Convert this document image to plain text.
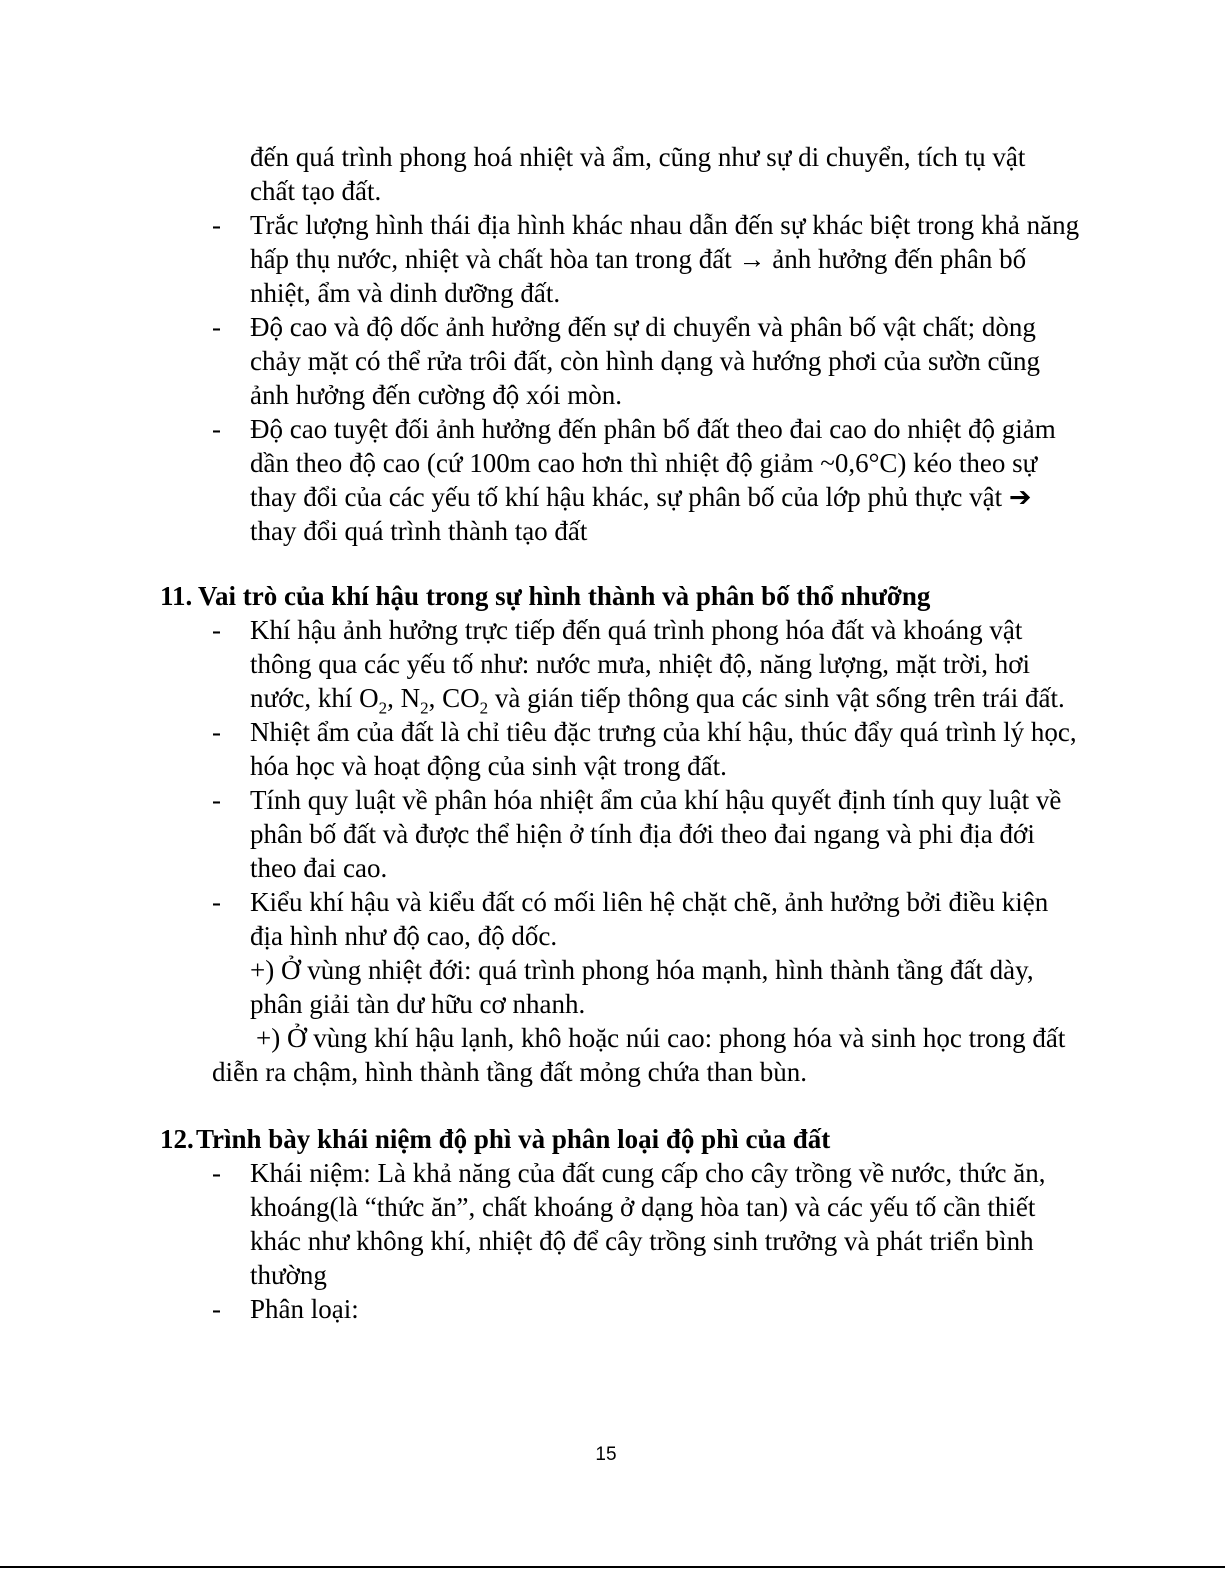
đến quá trình phong hoá nhiệt và ẩm, cũng như sự di chuyển, tích tụ vật
chất tạo đất.
- Trắc lượng hình thái địa hình khác nhau dẫn đến sự khác biệt trong khả năng hấp thụ nước, nhiệt và chất hòa tan trong đất → ảnh hưởng đến phân bố nhiệt, ẩm và dinh dưỡng đất.
- Độ cao và độ dốc ảnh hưởng đến sự di chuyển và phân bố vật chất; dòng chảy mặt có thể rửa trôi đất, còn hình dạng và hướng phơi của sườn cũng ảnh hưởng đến cường độ xói mòn.
- Độ cao tuyệt đối ảnh hưởng đến phân bố đất theo đai cao do nhiệt độ giảm dần theo độ cao (cứ 100m cao hơn thì nhiệt độ giảm ~0,6°C) kéo theo sự thay đổi của các yếu tố khí hậu khác, sự phân bố của lớp phủ thực vật ➔ thay đổi quá trình thành tạo đất
11. Vai trò của khí hậu trong sự hình thành và phân bố thổ nhưỡng
- Khí hậu ảnh hưởng trực tiếp đến quá trình phong hóa đất và khoáng vật thông qua các yếu tố như: nước mưa, nhiệt độ, năng lượng, mặt trời, hơi nước, khí $O_2$, $N_2$, $CO_2$ và gián tiếp thông qua các sinh vật sống trên trái đất.
- Nhiệt ẩm của đất là chỉ tiêu đặc trưng của khí hậu, thúc đẩy quá trình lý học, hóa học và hoạt động của sinh vật trong đất.
- Tính quy luật về phân hóa nhiệt ẩm của khí hậu quyết định tính quy luật về phân bố đất và được thể hiện ở tính địa đới theo đai ngang và phi địa đới theo đai cao.
- Kiểu khí hậu và kiểu đất có mối liên hệ chặt chẽ, ảnh hưởng bởi điều kiện địa hình như độ cao, độ dốc.
+) Ở vùng nhiệt đới: quá trình phong hóa mạnh, hình thành tầng đất dày, phân giải tàn dư hữu cơ nhanh.
+) Ở vùng khí hậu lạnh, khô hoặc núi cao: phong hóa và sinh học trong đất diễn ra chậm, hình thành tầng đất mỏng chứa than bùn.
12. Trình bày khái niệm độ phì và phân loại độ phì của đất
- Khái niệm: Là khả năng của đất cung cấp cho cây trồng về nước, thức ăn, khoáng(là “thức ăn”, chất khoáng ở dạng hòa tan) và các yếu tố cần thiết khác như không khí, nhiệt độ để cây trồng sinh trưởng và phát triển bình thường
- Phân loại:
15
